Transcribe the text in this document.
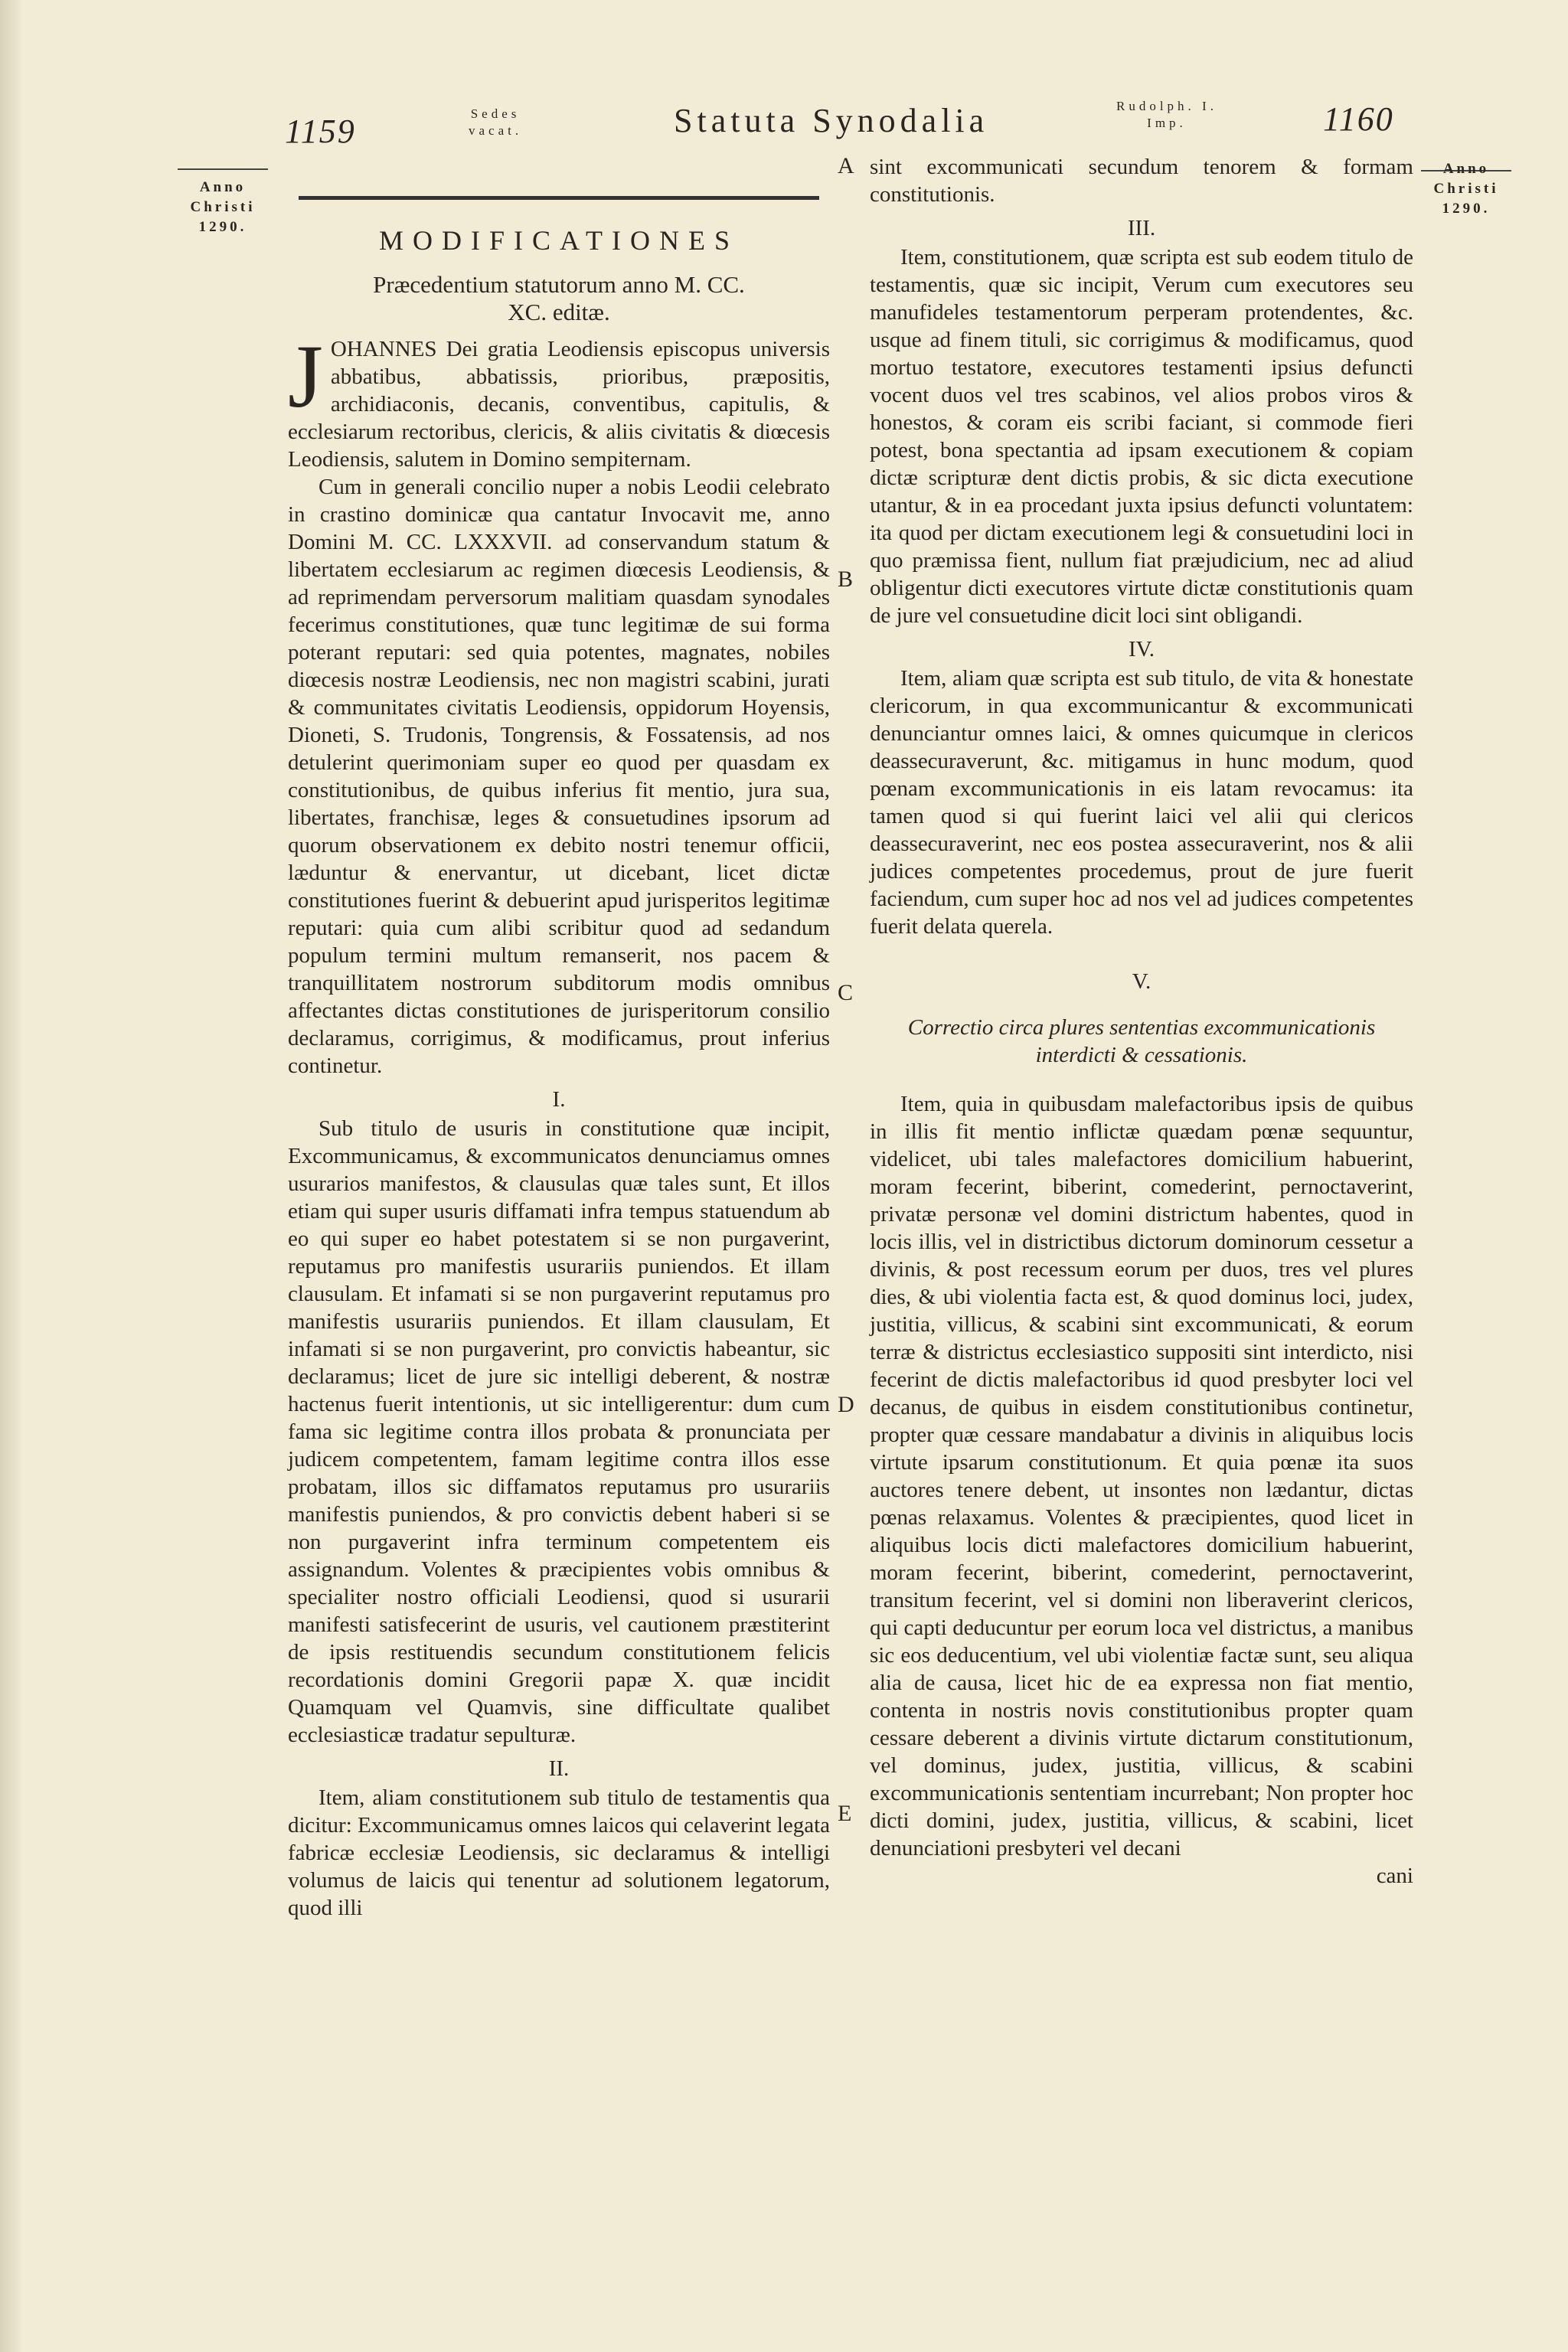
1159	Sedes
vacat.	Statuta Synodalia	Rudolph. I.
Imp.	1160
Anno
Christi
1290.
Anno
Christi
1290.
A
B
C
D
E
MODIFICATIONES
Præcedentium statutorum anno M. CC.
XC. editæ.

JOHANNES Dei gratia Leodiensis episcopus universis abbatibus, abbatissis, prioribus, præpositis, archidiaconis, decanis, conventibus, capitulis, & ecclesiarum rectoribus, clericis, & aliis civitatis & diœcesis Leodiensis, salutem in Domino sempiternam.

Cum in generali concilio nuper a nobis Leodii celebrato in crastino dominicæ qua cantatur Invocavit me, anno Domini M. CC. LXXXVII. ad conservandum statum & libertatem ecclesiarum ac regimen diœcesis Leodiensis, & ad reprimendam perversorum malitiam quasdam synodales fecerimus constitutiones, quæ tunc legitimæ de sui forma poterant reputari: sed quia potentes, magnates, nobiles diœcesis nostræ Leodiensis, nec non magistri scabini, jurati & communitates civitatis Leodiensis, oppidorum Hoyensis, Dioneti, S. Trudonis, Tongrensis, & Fossatensis, ad nos detulerint querimoniam super eo quod per quasdam ex constitutionibus, de quibus inferius fit mentio, jura sua, libertates, franchisæ, leges & consuetudines ipsorum ad quorum observationem ex debito nostri tenemur officii, læduntur & enervantur, ut dicebant, licet dictæ constitutiones fuerint & debuerint apud jurisperitos legitimæ reputari: quia cum alibi scribitur quod ad sedandum populum termini multum remanserit, nos pacem & tranquillitatem nostrorum subditorum modis omnibus affectantes dictas constitutiones de jurisperitorum consilio declaramus, corrigimus, & modificamus, prout inferius continetur.

I.

Sub titulo de usuris in constitutione quæ incipit, Excommunicamus, & excommunicatos denunciamus omnes usurarios manifestos, & clausulas quæ tales sunt, Et illos etiam qui super usuris diffamati infra tempus statuendum ab eo qui super eo habet potestatem si se non purgaverint, reputamus pro manifestis usurariis puniendos. Et illam clausulam. Et infamati si se non purgaverint reputamus pro manifestis usurariis puniendos. Et illam clausulam, Et infamati si se non purgaverint, pro convictis habeantur, sic declaramus; licet de jure sic intelligi deberent, & nostræ hactenus fuerit intentionis, ut sic intelligerentur: dum cum fama sic legitime contra illos probata & pronunciata per judicem competentem, famam legitime contra illos esse probatam, illos sic diffamatos reputamus pro usurariis manifestis puniendos, & pro convictis debent haberi si se non purgaverint infra terminum competentem eis assignandum. Volentes & præcipientes vobis omnibus & specialiter nostro officiali Leodiensi, quod si usurarii manifesti satisfecerint de usuris, vel cautionem præstiterint de ipsis restituendis secundum constitutionem felicis recordationis domini Gregorii papæ X. quæ incidit Quamquam vel Quamvis, sine difficultate qualibet ecclesiasticæ tradatur sepulturæ.

II.

Item, aliam constitutionem sub titulo de testamentis qua dicitur: Excommunicamus omnes laicos qui celaverint legata fabricæ ecclesiæ Leodiensis, sic declaramus & intelligi volumus de laicis qui tenentur ad solutionem legatorum, quod illi

sint excommunicati secundum tenorem & formam constitutionis.

III.

Item, constitutionem, quæ scripta est sub eodem titulo de testamentis, quæ sic incipit, Verum cum executores seu manufideles testamentorum perperam protendentes, &c. usque ad finem tituli, sic corrigimus & modificamus, quod mortuo testatore, executores testamenti ipsius defuncti vocent duos vel tres scabinos, vel alios probos viros & honestos, & coram eis scribi faciant, si commode fieri potest, bona spectantia ad ipsam executionem & copiam dictæ scripturæ dent dictis probis, & sic dicta executione utantur, & in ea procedant juxta ipsius defuncti voluntatem: ita quod per dictam executionem legi & consuetudini loci in quo præmissa fient, nullum fiat præjudicium, nec ad aliud obligentur dicti executores virtute dictæ constitutionis quam de jure vel consuetudine dicit loci sint obligandi.

IV.

Item, aliam quæ scripta est sub titulo, de vita & honestate clericorum, in qua excommunicantur & excommunicati denunciantur omnes laici, & omnes quicumque in clericos deassecuraverunt, &c. mitigamus in hunc modum, quod pœnam excommunicationis in eis latam revocamus: ita tamen quod si qui fuerint laici vel alii qui clericos deassecuraverint, nec eos postea assecuraverint, nos & alii judices competentes procedemus, prout de jure fuerit faciendum, cum super hoc ad nos vel ad judices competentes fuerit delata querela.

V.
Correctio circa plures sententias excommunicationis interdicti & cessationis.

Item, quia in quibusdam malefactoribus ipsis de quibus in illis fit mentio inflictæ quædam pœnæ sequuntur, videlicet, ubi tales malefactores domicilium habuerint, moram fecerint, biberint, comederint, pernoctaverint, privatæ personæ vel domini districtum habentes, quod in locis illis, vel in districtibus dictorum dominorum cessetur a divinis, & post recessum eorum per duos, tres vel plures dies, & ubi violentia facta est, & quod dominus loci, judex, justitia, villicus, & scabini sint excommunicati, & eorum terræ & districtus ecclesiastico suppositi sint interdicto, nisi fecerint de dictis malefactoribus id quod presbyter loci vel decanus, de quibus in eisdem constitutionibus continetur, propter quæ cessare mandabatur a divinis in aliquibus locis virtute ipsarum constitutionum. Et quia pœnæ ita suos auctores tenere debent, ut insontes non lædantur, dictas pœnas relaxamus. Volentes & præcipientes, quod licet in aliquibus locis dicti malefactores domicilium habuerint, moram fecerint, biberint, comederint, pernoctaverint, transitum fecerint, vel si domini non liberaverint clericos, qui capti deducuntur per eorum loca vel districtus, a manibus sic eos deducentium, vel ubi violentiæ factæ sunt, seu aliqua alia de causa, licet hic de ea expressa non fiat mentio, contenta in nostris novis constitutionibus propter quam cessare deberent a divinis virtute dictarum constitutionum, vel dominus, judex, justitia, villicus, & scabini excommunicationis sententiam incurrebant; Non propter hoc dicti domini, judex, justitia, villicus, & scabini, licet denunciationi presbyteri vel decani

cani
